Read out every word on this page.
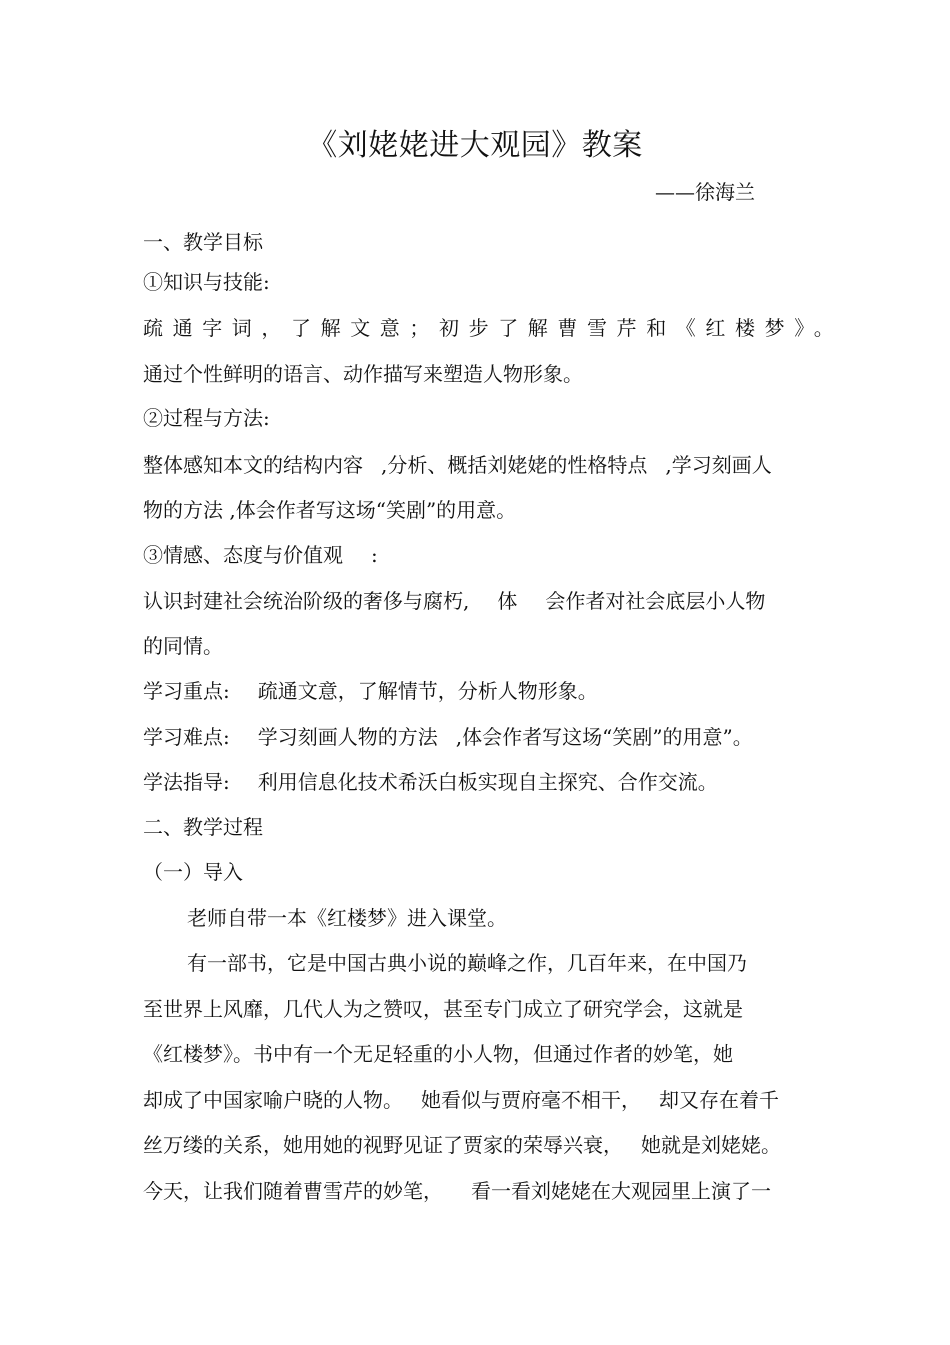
《刘姥姥进大观园》教案
——徐海兰
一、教学目标
①知识与技能:
疏通字词，了解文意；初步了解曹雪芹和《红楼梦》。
通过个性鲜明的语言、动作描写来塑造人物形象。
②过程与方法:
整体感知本文的结构内容 ,分析、概括刘姥姥的性格特点 ,学习刻画人
物的方法 ,体会作者写这场“笑剧”的用意。
③情感、态度与价值观 :
认识封建社会统治阶级的奢侈与腐朽, 体 会作者对社会底层小人物
的同情。
学习重点: 疏通文意，了解情节，分析人物形象。
学习难点: 学习刻画人物的方法 ,体会作者写这场“笑剧”的用意”。
学法指导: 利用信息化技术希沃白板实现自主探究、合作交流。
二、教学过程
（一）导入
老师自带一本《红楼梦》进入课堂。
有一部书，它是中国古典小说的巅峰之作，几百年来，在中国乃
至世界上风靡，几代人为之赞叹，甚至专门成立了研究学会，这就是
《红楼梦》。书中有一个无足轻重的小人物，但通过作者的妙笔，她
却成了中国家喻户晓的人物。 她看似与贾府毫不相干， 却又存在着千
丝万缕的关系，她用她的视野见证了贾家的荣辱兴衰， 她就是刘姥姥。
今天，让我们随着曹雪芹的妙笔， 看一看刘姥姥在大观园里上演了一
